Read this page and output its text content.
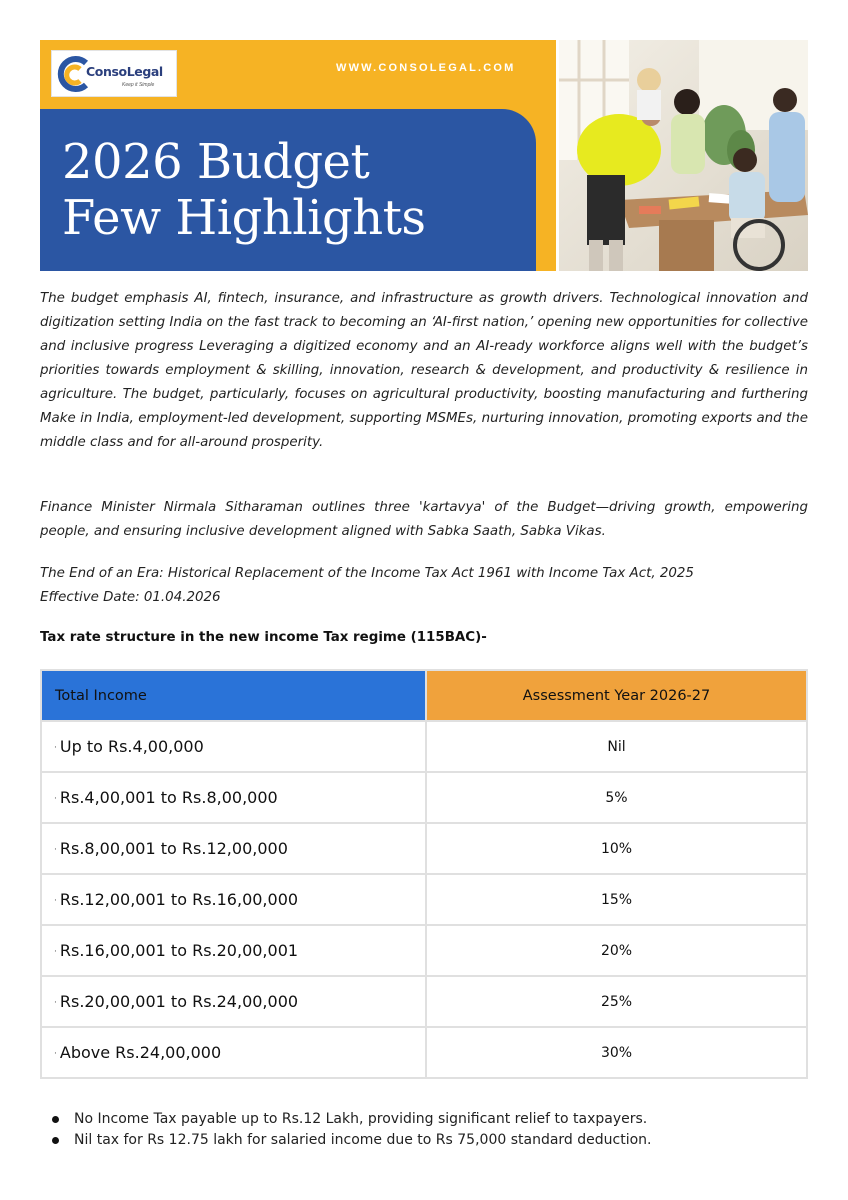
ConsoLegal
Keep it Simple
WWW.CONSOLEGAL.COM
2026 Budget
Few Highlights

The budget emphasis AI, fintech, insurance, and infrastructure as growth drivers. Technological innovation and digitization setting India on the fast track to becoming an ‘AI-first nation,’ opening new opportunities for collective and inclusive progress Leveraging a digitized economy and an AI-ready workforce aligns well with the budget’s priorities towards employment & skilling, innovation, research & development, and productivity & resilience in agriculture. The budget, particularly, focuses on agricultural productivity, boosting manufacturing and furthering Make in India, employment-led development, supporting MSMEs, nurturing innovation, promoting exports and the middle class and for all-around prosperity.

Finance Minister Nirmala Sitharaman outlines three 'kartavya' of the Budget—driving growth, empowering people, and ensuring inclusive development aligned with Sabka Saath, Sabka Vikas.

The End of an Era: Historical Replacement of the Income Tax Act 1961 with Income Tax Act, 2025
Effective Date: 01.04.2026

Tax rate structure in the new income Tax regime (115BAC)-
Total Income	Assessment Year 2026-27
· Up to Rs.4,00,000	Nil
· Rs.4,00,001 to Rs.8,00,000	5%
· Rs.8,00,001 to Rs.12,00,000	10%
· Rs.12,00,001 to Rs.16,00,000	15%
· Rs.16,00,001 to Rs.20,00,001	20%
· Rs.20,00,001 to Rs.24,00,000	25%
· Above Rs.24,00,000	30%
No Income Tax payable up to Rs.12 Lakh, providing significant relief to taxpayers.
Nil tax for Rs 12.75 lakh for salaried income due to Rs 75,000 standard deduction.
